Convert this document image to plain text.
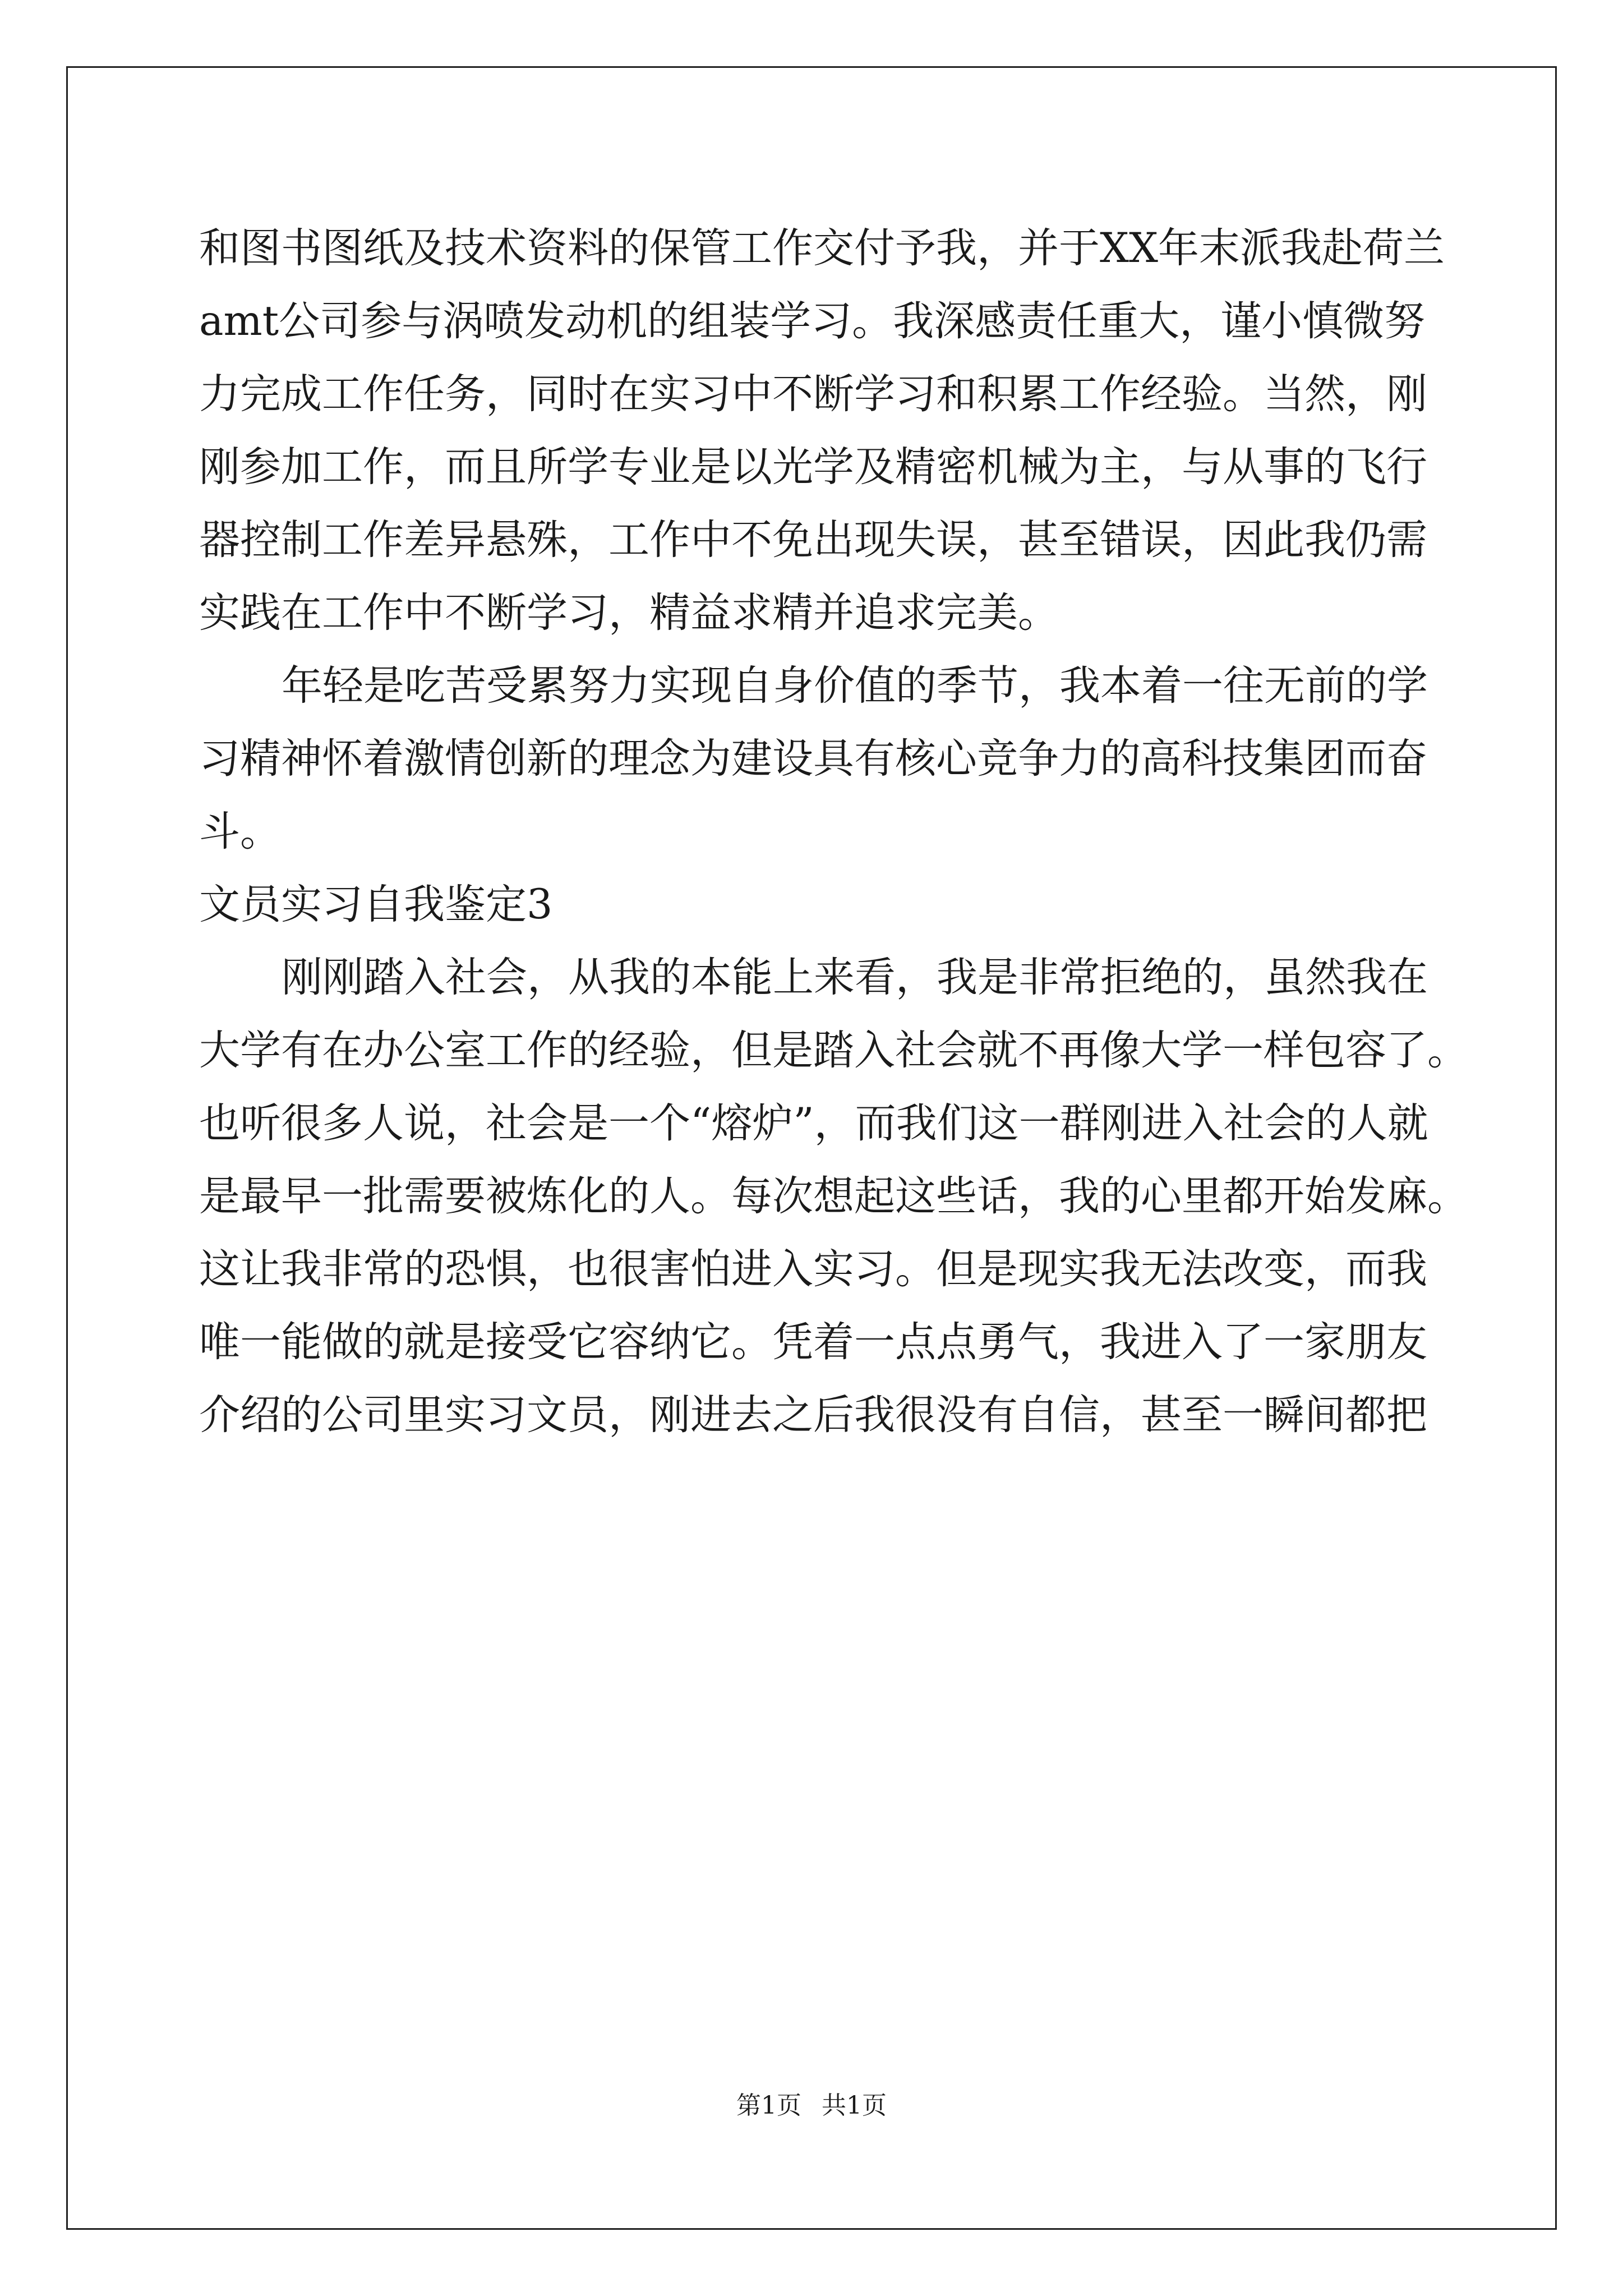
和图书图纸及技术资料的保管工作交付予我，并于XX年末派我赴荷兰

amt公司参与涡喷发动机的组装学习。我深感责任重大，谨小慎微努

力完成工作任务，同时在实习中不断学习和积累工作经验。当然，刚

刚参加工作，而且所学专业是以光学及精密机械为主，与从事的飞行

器控制工作差异悬殊，工作中不免出现失误，甚至错误，因此我仍需

实践在工作中不断学习，精益求精并追求完美。

年轻是吃苦受累努力实现自身价值的季节，我本着一往无前的学

习精神怀着激情创新的理念为建设具有核心竞争力的高科技集团而奋

斗。

文员实习自我鉴定3

刚刚踏入社会，从我的本能上来看，我是非常拒绝的，虽然我在

大学有在办公室工作的经验，但是踏入社会就不再像大学一样包容了。

也听很多人说，社会是一个“熔炉”，而我们这一群刚进入社会的人就

是最早一批需要被炼化的人。每次想起这些话，我的心里都开始发麻。

这让我非常的恐惧，也很害怕进入实习。但是现实我无法改变，而我

唯一能做的就是接受它容纳它。凭着一点点勇气，我进入了一家朋友

介绍的公司里实习文员，刚进去之后我很没有自信，甚至一瞬间都把

第1页 共1页
